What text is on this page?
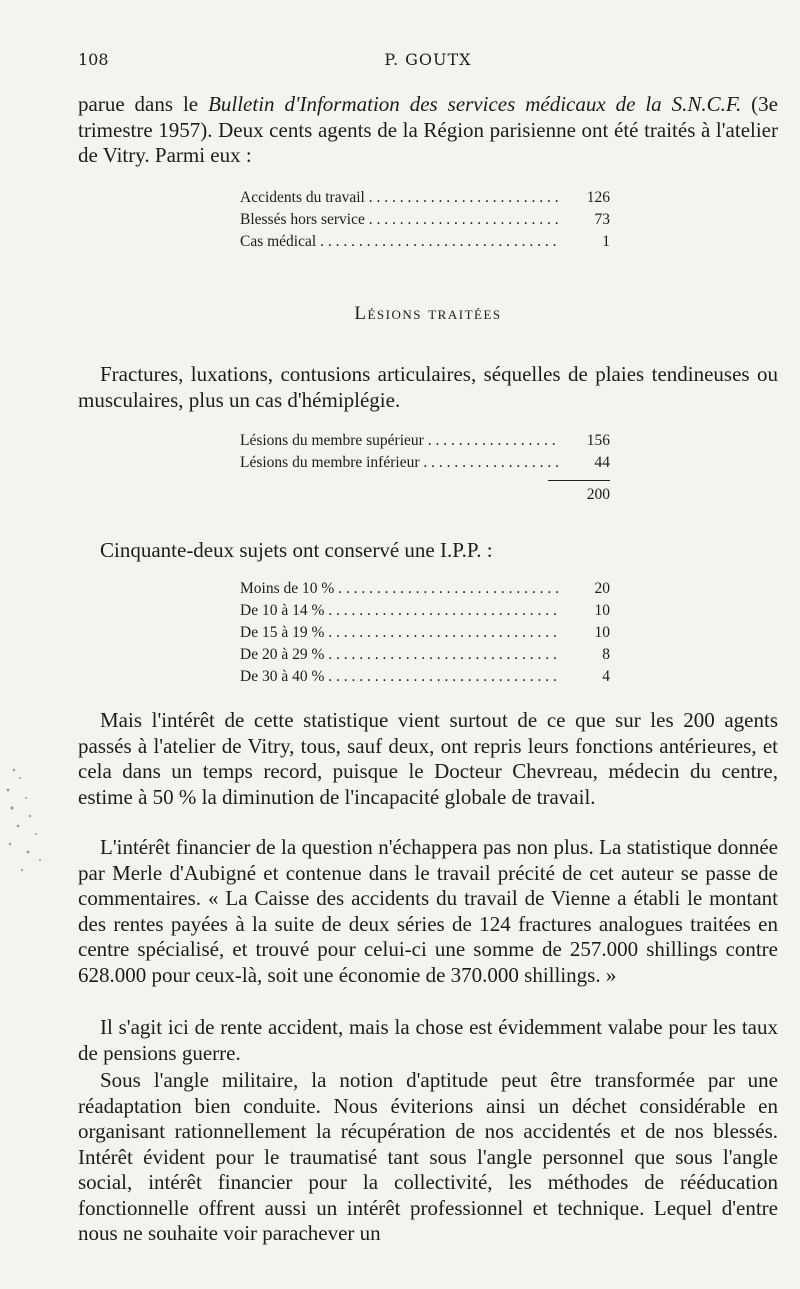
108	P. GOUTX

parue dans le Bulletin d'Information des services médicaux de la S.N.C.F. (3e trimestre 1957). Deux cents agents de la Région parisienne ont été traités à l'atelier de Vitry. Parmi eux :

Accidents du travail . . .	126
Blessés hors service . . .	73
Cas médical . . .	1
Lésions traitées

Fractures, luxations, contusions articulaires, séquelles de plaies tendineuses ou musculaires, plus un cas d'hémiplégie.

Lésions du membre supérieur . . .	156
Lésions du membre inférieur . . .	44
200

Cinquante-deux sujets ont conservé une I.P.P. :

Moins de 10 % . . .	20
De 10 à 14 % . . .	10
De 15 à 19 % . . .	10
De 20 à 29 % . . .	8
De 30 à 40 % . . .	4

Mais l'intérêt de cette statistique vient surtout de ce que sur les 200 agents passés à l'atelier de Vitry, tous, sauf deux, ont repris leurs fonctions antérieures, et cela dans un temps record, puisque le Docteur Chevreau, médecin du centre, estime à 50 % la diminution de l'incapacité globale de travail.

L'intérêt financier de la question n'échappera pas non plus. La statistique donnée par Merle d'Aubigné et contenue dans le travail précité de cet auteur se passe de commentaires. « La Caisse des accidents du travail de Vienne a établi le montant des rentes payées à la suite de deux séries de 124 fractures analogues traitées en centre spécialisé, et trouvé pour celui-ci une somme de 257.000 shillings contre 628.000 pour ceux-là, soit une économie de 370.000 shillings. »

Il s'agit ici de rente accident, mais la chose est évidemment valabe pour les taux de pensions guerre.

Sous l'angle militaire, la notion d'aptitude peut être transformée par une réadaptation bien conduite. Nous éviterions ainsi un déchet considérable en organisant rationnellement la récupération de nos accidentés et de nos blessés. Intérêt évident pour le traumatisé tant sous l'angle personnel que sous l'angle social, intérêt financier pour la collectivité, les méthodes de rééducation fonctionnelle offrent aussi un intérêt professionnel et technique. Lequel d'entre nous ne souhaite voir parachever un
